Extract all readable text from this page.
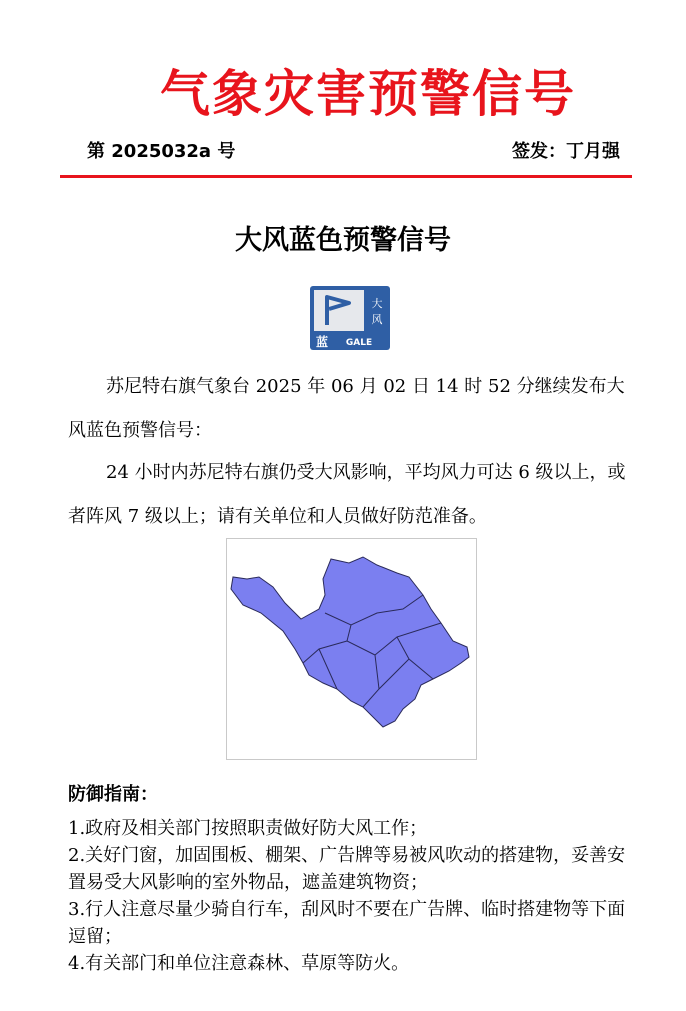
气象灾害预警信号
第 2025032a 号	签发：丁月强
大风蓝色预警信号
大
风
蓝 GALE
苏尼特右旗气象台 2025 年 06 月 02 日 14 时 52 分继续发布大风蓝色预警信号：
24 小时内苏尼特右旗仍受大风影响，平均风力可达 6 级以上，或者阵风 7 级以上；请有关单位和人员做好防范准备。
防御指南：

1.政府及相关部门按照职责做好防大风工作；

2.关好门窗，加固围板、棚架、广告牌等易被风吹动的搭建物，妥善安置易受大风影响的室外物品，遮盖建筑物资；

3.行人注意尽量少骑自行车，刮风时不要在广告牌、临时搭建物等下面逗留；

4.有关部门和单位注意森林、草原等防火。
